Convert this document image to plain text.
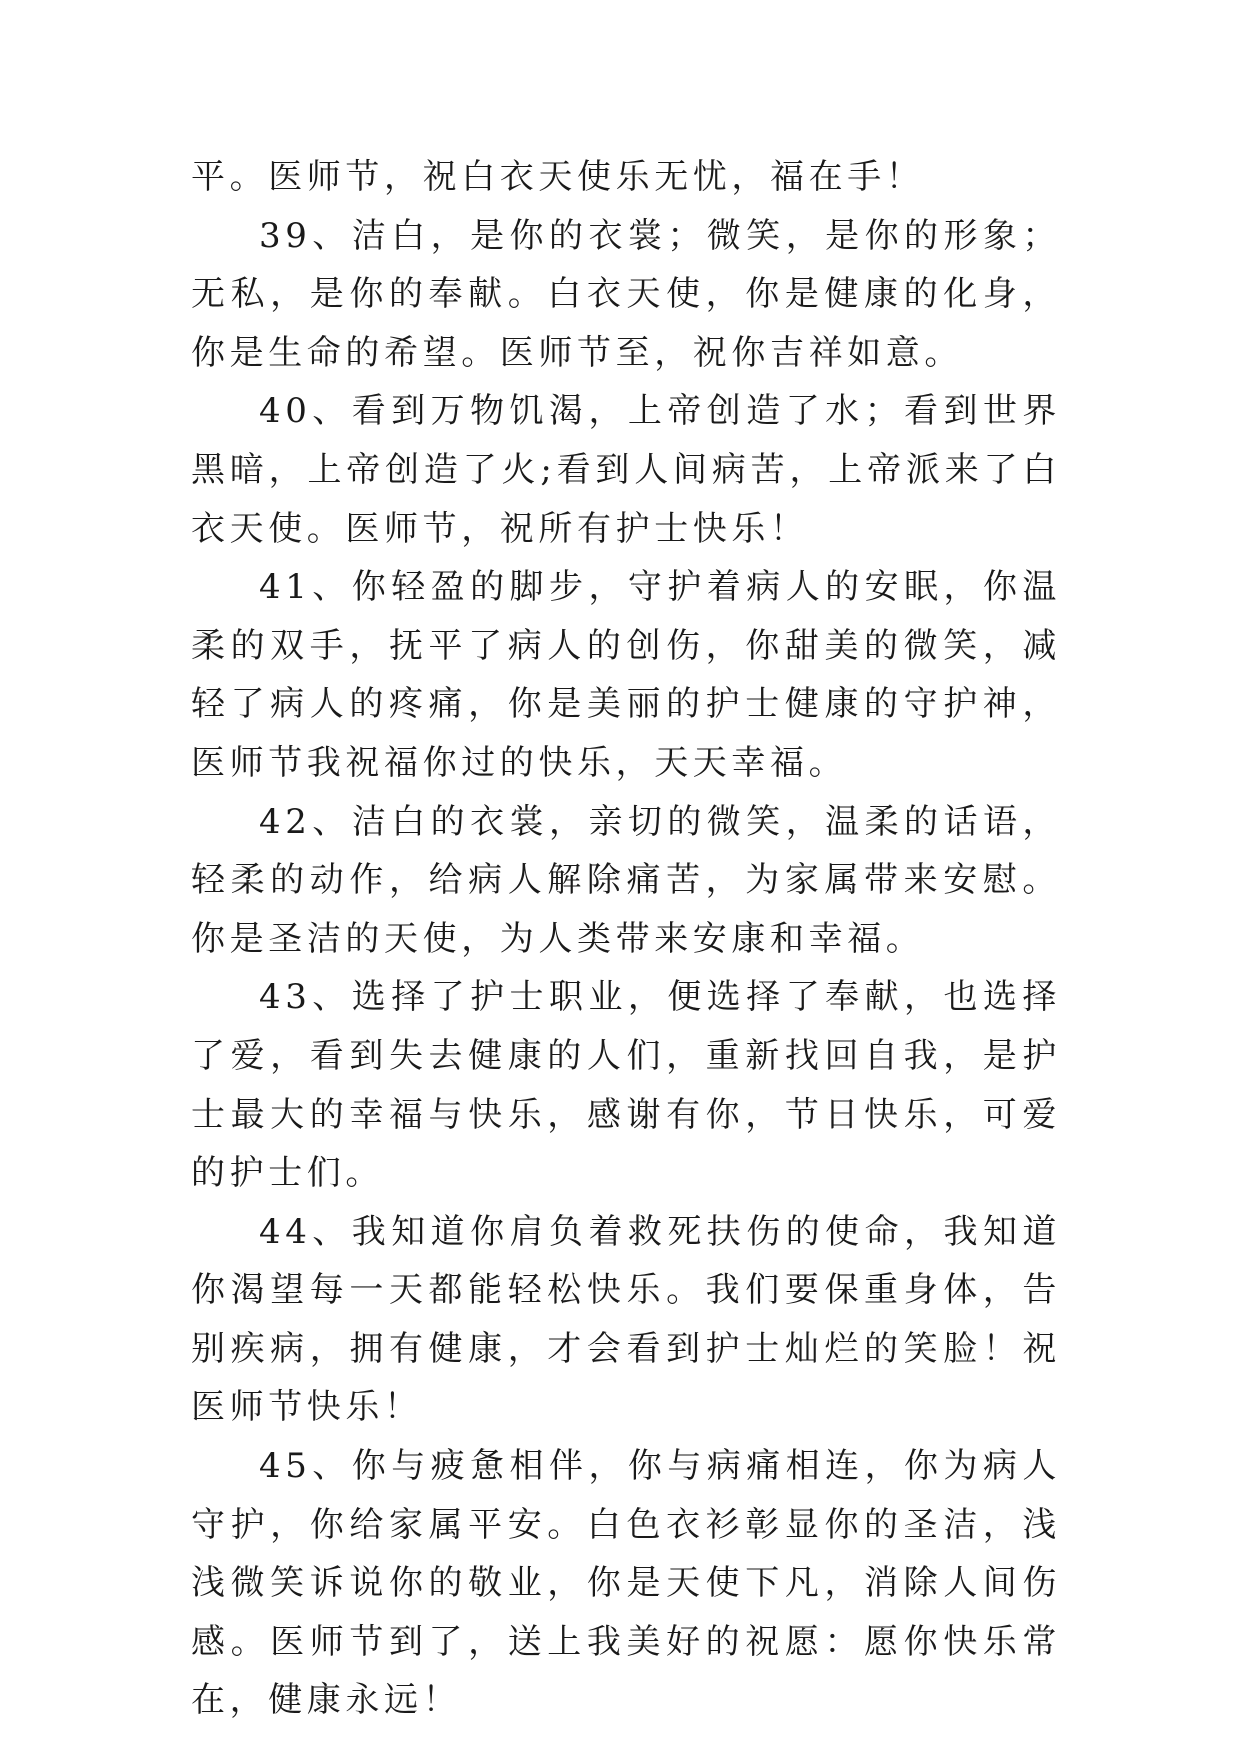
平。医师节，祝白衣天使乐无忧，福在手！

39、洁白，是你的衣裳；微笑，是你的形象；无私，是你的奉献。白衣天使，你是健康的化身，你是生命的希望。医师节至，祝你吉祥如意。

40、看到万物饥渴，上帝创造了水；看到世界黑暗，上帝创造了火;看到人间病苦，上帝派来了白衣天使。医师节，祝所有护士快乐！

41、你轻盈的脚步，守护着病人的安眠，你温柔的双手，抚平了病人的创伤，你甜美的微笑，减轻了病人的疼痛，你是美丽的护士健康的守护神，医师节我祝福你过的快乐，天天幸福。

42、洁白的衣裳，亲切的微笑，温柔的话语，轻柔的动作，给病人解除痛苦，为家属带来安慰。你是圣洁的天使，为人类带来安康和幸福。

43、选择了护士职业，便选择了奉献，也选择了爱，看到失去健康的人们，重新找回自我，是护士最大的幸福与快乐，感谢有你，节日快乐，可爱的护士们。

44、我知道你肩负着救死扶伤的使命，我知道你渴望每一天都能轻松快乐。我们要保重身体，告别疾病，拥有健康，才会看到护士灿烂的笑脸！祝医师节快乐！

45、你与疲惫相伴，你与病痛相连，你为病人守护，你给家属平安。白色衣衫彰显你的圣洁，浅浅微笑诉说你的敬业，你是天使下凡，消除人间伤感。医师节到了，送上我美好的祝愿：愿你快乐常在，健康永远！
